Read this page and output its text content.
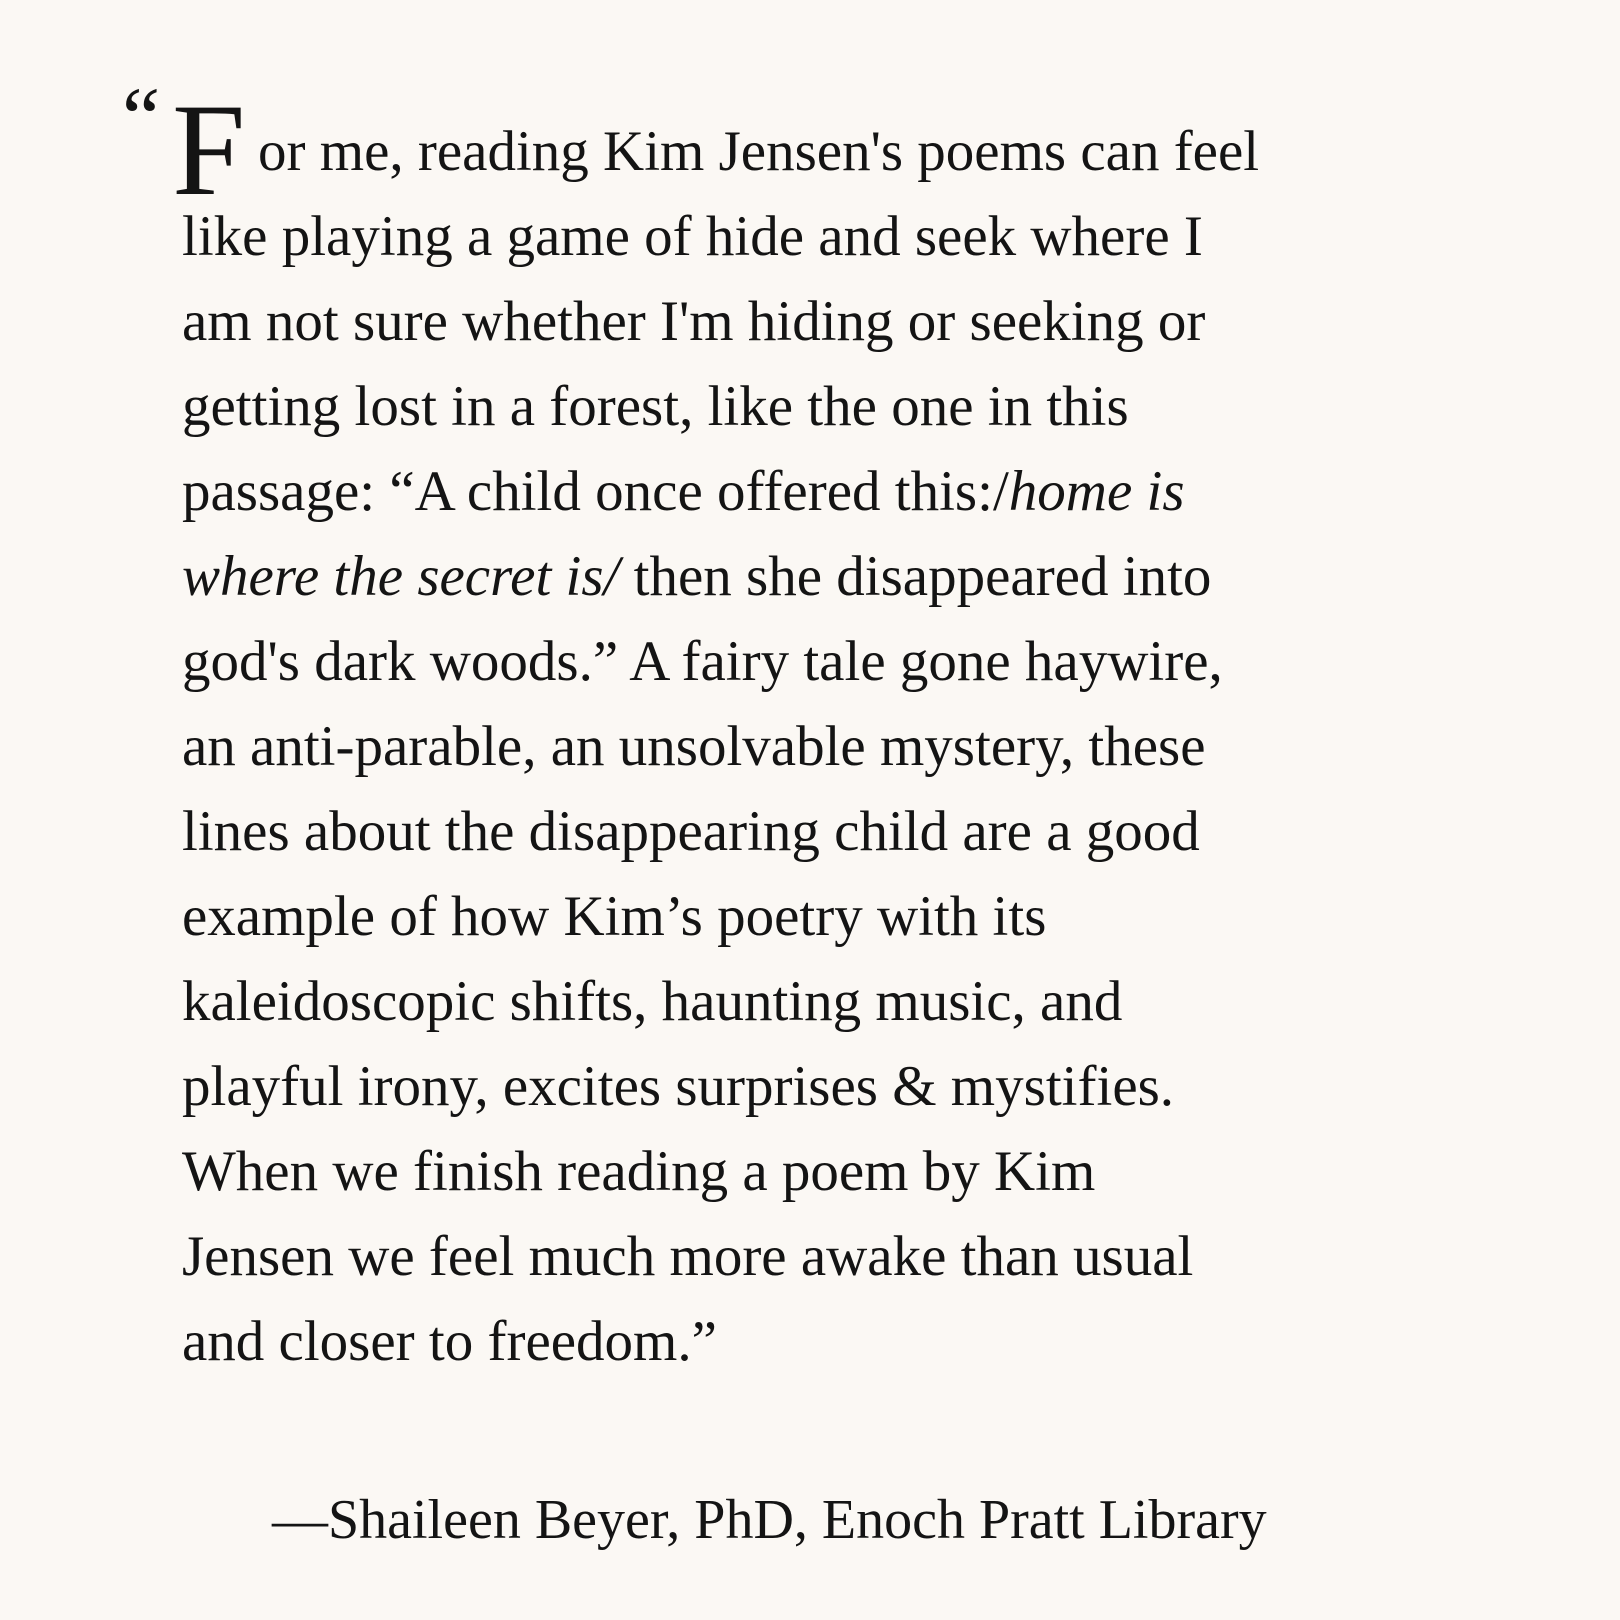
“ F or me, reading Kim Jensen's poems can feel
like playing a game of hide and seek where I
am not sure whether I'm hiding or seeking or
getting lost in a forest, like the one in this
passage: “A child once offered this:/home is
where the secret is/ then she disappeared into
god's dark woods.” A fairy tale gone haywire,
an anti-parable, an unsolvable mystery, these
lines about the disappearing child are a good
example of how Kim’s poetry with its
kaleidoscopic shifts, haunting music, and
playful irony, excites surprises & mystifies.
When we finish reading a poem by Kim
Jensen we feel much more awake than usual
and closer to freedom.”
—Shaileen Beyer, PhD, Enoch Pratt Library
